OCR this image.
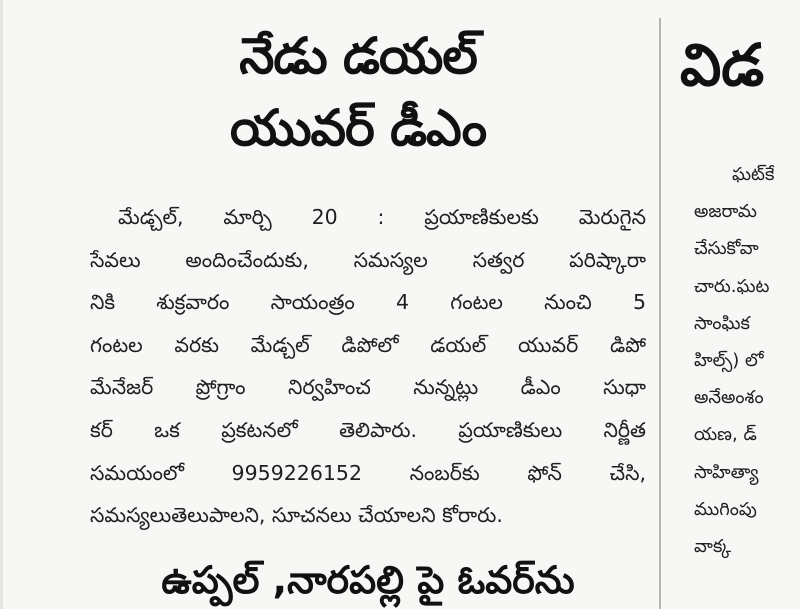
నేడు డయల్
యువర్ డీఎం
మేడ్చల్, మార్చి 20 : ప్రయాణికులకు మెరుగైన
సేవలు అందించేందుకు, సమస్యల సత్వర పరిష్కారా
నికి శుక్రవారం సాయంత్రం 4 గంటల నుంచి 5
గంటల వరకు మేడ్చల్ డిపోలో డయల్ యువర్ డిపో
మేనేజర్ ప్రోగ్రాం నిర్వహించ నున్నట్లు డీఎం సుధా
కర్ ఒక ప్రకటనలో తెలిపారు. ప్రయాణికులు నిర్ణీత
సమయంలో 9959226152 నంబర్‌కు ఫోన్ చేసి,
సమస్యలుతెలుపాలని, సూచనలు చేయాలని కోరారు.
ఉప్పల్ ,నారపల్లి పై ఓవర్‌ను
విడ
ఘట్‌కే
అజరామ
చేసుకోవా
చారు.ఘట
సాంఘిక
హిల్స్) లో
అనేఅంశం
యణ, డ్
సాహిత్యా
ముగింపు
వాక్క
